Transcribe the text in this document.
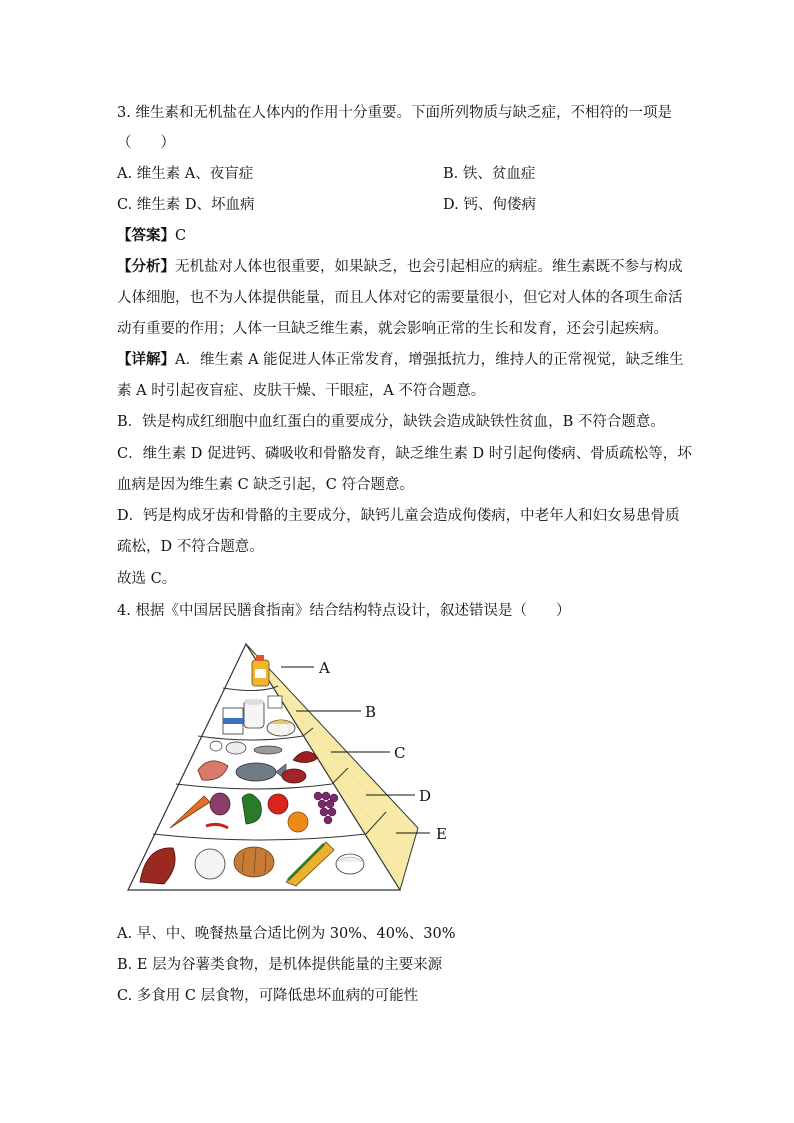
3. 维生素和无机盐在人体内的作用十分重要。下面所列物质与缺乏症，不相符的一项是
（　　）
A. 维生素 A、夜盲症	B. 铁、贫血症
C. 维生素 D、坏血病	D. 钙、佝偻病
【答案】C
【分析】无机盐对人体也很重要，如果缺乏，也会引起相应的病症。维生素既不参与构成
人体细胞，也不为人体提供能量，而且人体对它的需要量很小，但它对人体的各项生命活
动有重要的作用；人体一旦缺乏维生素，就会影响正常的生长和发育，还会引起疾病。
【详解】A．维生素 A 能促进人体正常发育，增强抵抗力，维持人的正常视觉，缺乏维生
素 A 时引起夜盲症、皮肤干燥、干眼症，A 不符合题意。
B．铁是构成红细胞中血红蛋白的重要成分，缺铁会造成缺铁性贫血，B 不符合题意。
C．维生素 D 促进钙、磷吸收和骨骼发育，缺乏维生素 D 时引起佝偻病、骨质疏松等，坏
血病是因为维生素 C 缺乏引起，C 符合题意。
D．钙是构成牙齿和骨骼的主要成分，缺钙儿童会造成佝偻病，中老年人和妇女易患骨质
疏松，D 不符合题意。
故选 C。
4. 根据《中国居民膳食指南》结合结构特点设计，叙述错误是（　　）
A
B
C
D
E
A. 早、中、晚餐热量合适比例为 30%、40%、30%
B. E 层为谷薯类食物，是机体提供能量的主要来源
C. 多食用 C 层食物，可降低患坏血病的可能性
